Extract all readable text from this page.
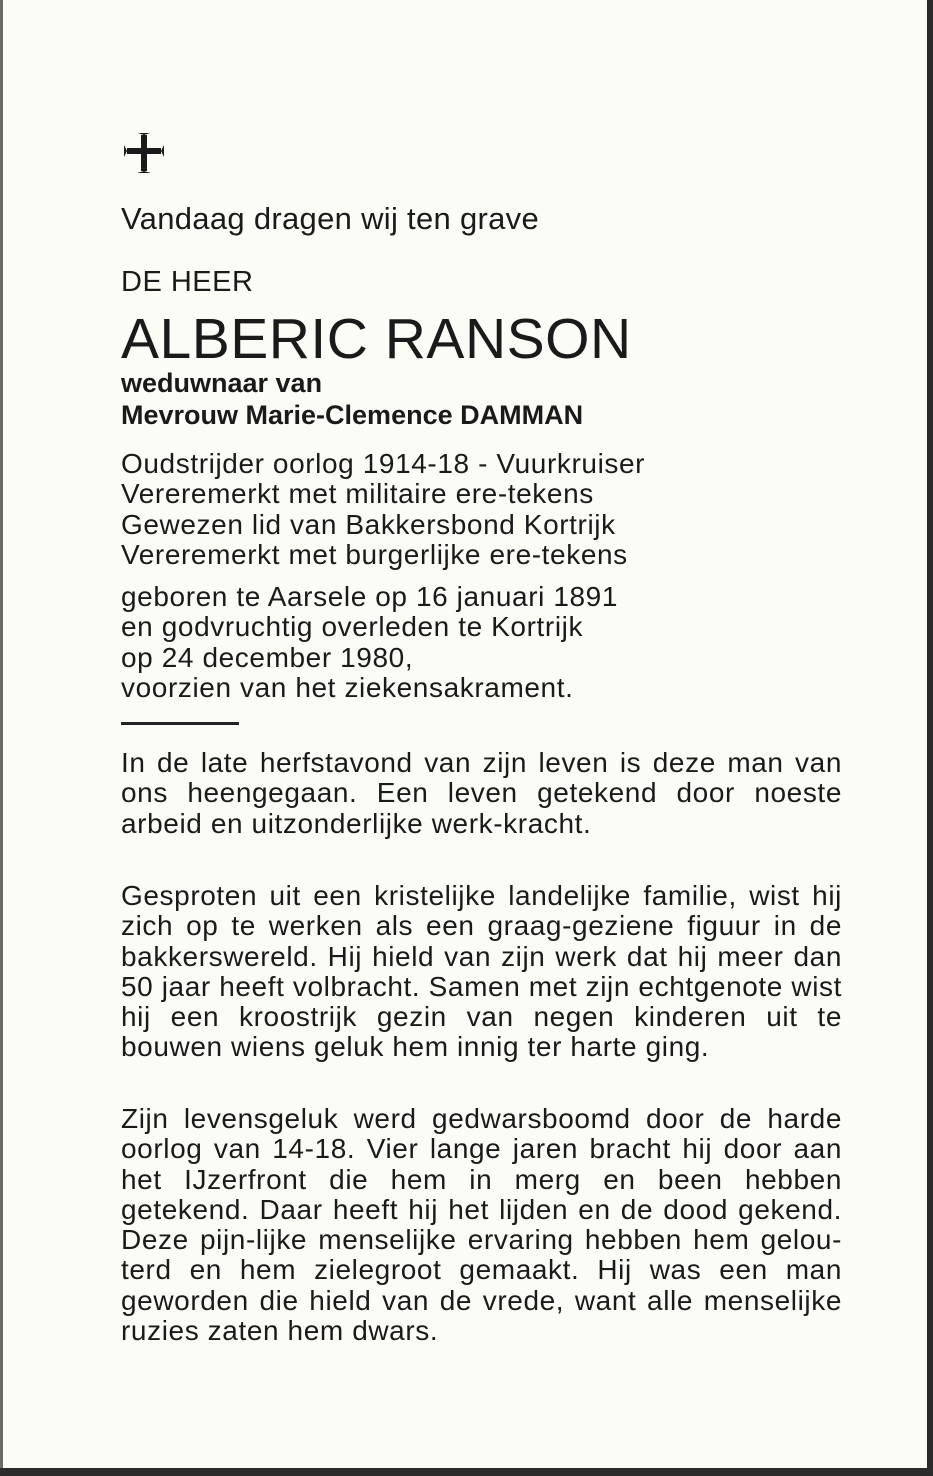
Vandaag dragen wij ten grave

DE HEER

ALBERIC RANSON

weduwnaar van

Mevrouw Marie-Clemence DAMMAN

Oudstrijder oorlog 1914-18 - Vuurkruiser

Vereremerkt met militaire ere-tekens

Gewezen lid van Bakkersbond Kortrijk

Vereremerkt met burgerlijke ere-tekens

geboren te Aarsele op 16 januari 1891

en godvruchtig overleden te Kortrijk

op 24 december 1980,

voorzien van het ziekensakrament.

In de late herfstavond van zijn leven is deze man van ons heengegaan. Een leven getekend door noeste arbeid en uitzonderlijke werk-kracht.

Gesproten uit een kristelijke landelijke familie, wist hij zich op te werken als een graag-geziene figuur in de bakkerswereld. Hij hield van zijn werk dat hij meer dan 50 jaar heeft volbracht. Samen met zijn echtgenote wist hij een kroostrijk gezin van negen kinderen uit te bouwen wiens geluk hem innig ter harte ging.

Zijn levensgeluk werd gedwarsboomd door de harde oorlog van 14-18. Vier lange jaren bracht hij door aan het IJzerfront die hem in merg en been hebben getekend. Daar heeft hij het lijden en de dood gekend. Deze pijn-lijke menselijke ervaring hebben hem gelou-terd en hem zielegroot gemaakt. Hij was een man geworden die hield van de vrede, want alle menselijke ruzies zaten hem dwars.
